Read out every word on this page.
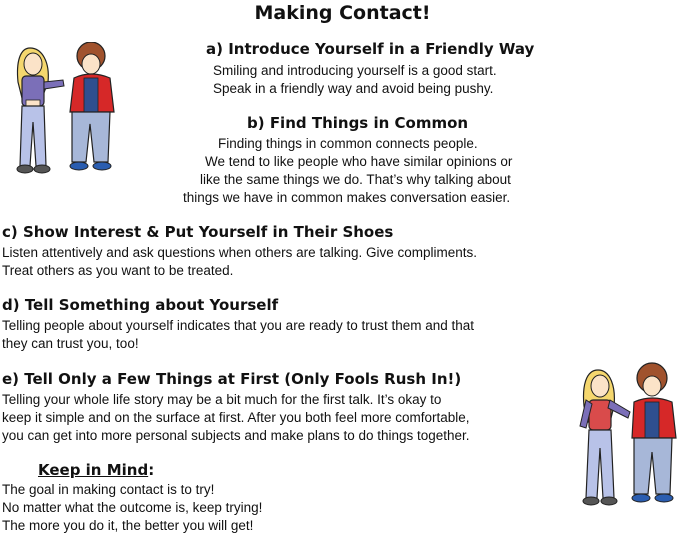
Making Contact!
a) Introduce Yourself in a Friendly Way
Smiling and introducing yourself is a good start.
Speak in a friendly way and avoid being pushy.
b) Find Things in Common
Finding things in common connects people.
We tend to like people who have similar opinions or
like the same things we do. That’s why talking about
things we have in common makes conversation easier.
c) Show Interest & Put Yourself in Their Shoes
Listen attentively and ask questions when others are talking. Give compliments.
Treat others as you want to be treated.
d) Tell Something about Yourself
Telling people about yourself indicates that you are ready to trust them and that
they can trust you, too!
e) Tell Only a Few Things at First (Only Fools Rush In!)
Telling your whole life story may be a bit much for the first talk. It’s okay to
keep it simple and on the surface at first. After you both feel more comfortable,
you can get into more personal subjects and make plans to do things together.
Keep in Mind:
The goal in making contact is to try!
No matter what the outcome is, keep trying!
The more you do it, the better you will get!
